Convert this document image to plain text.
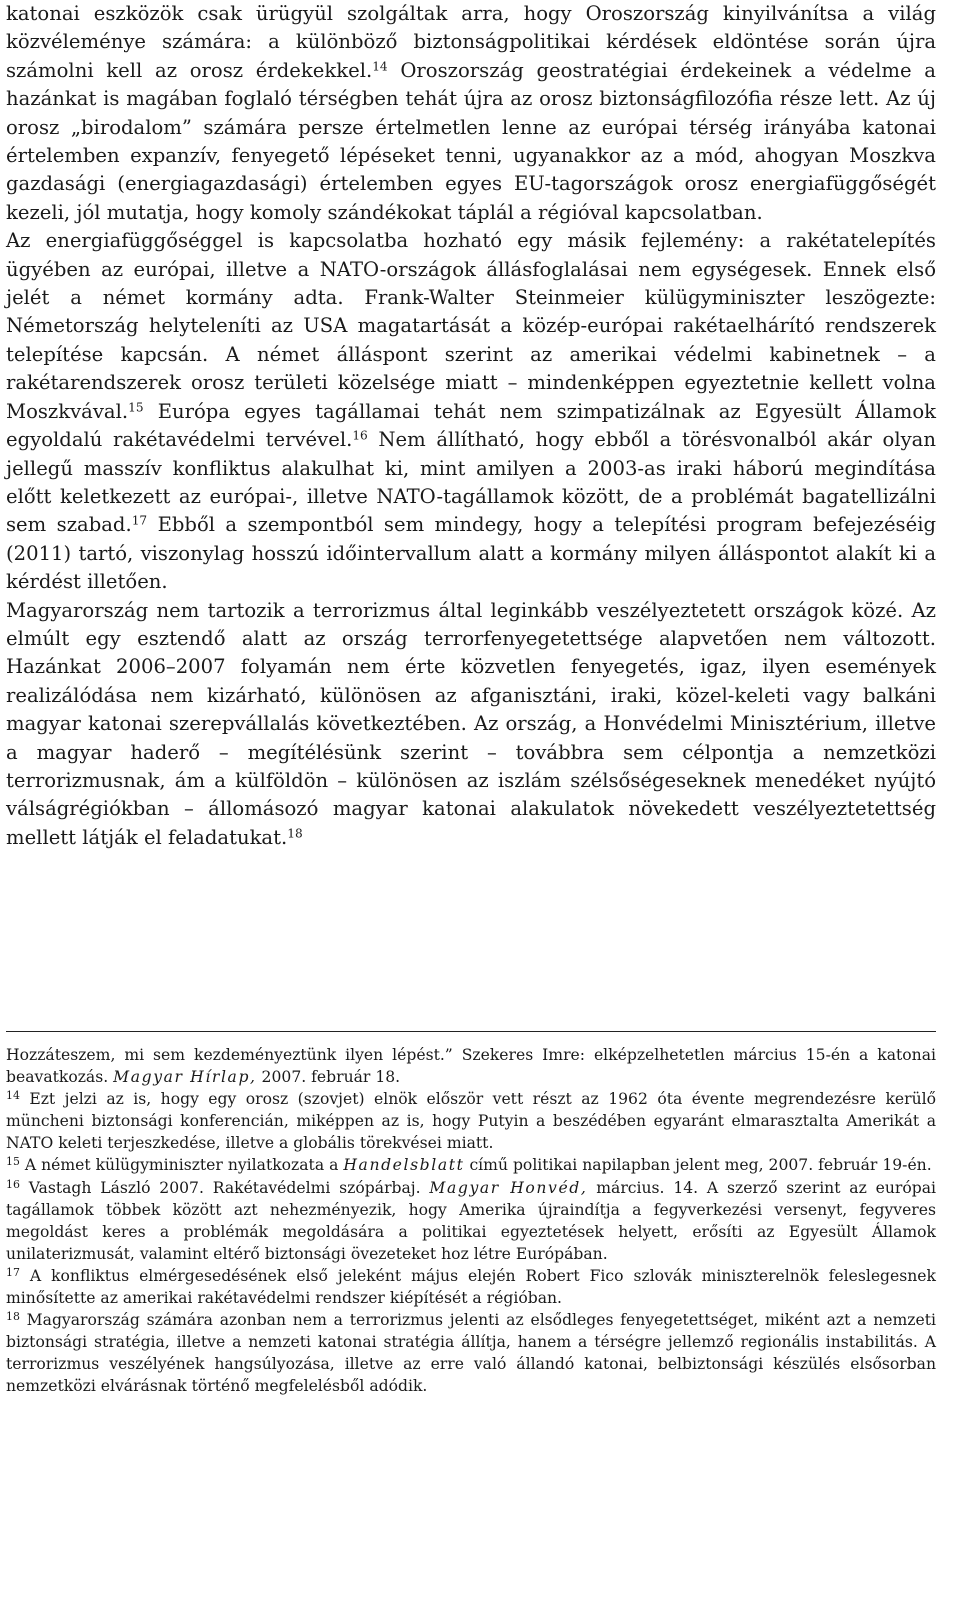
katonai eszközök csak ürügyül szolgáltak arra, hogy Oroszország kinyilvánítsa a világ közvéleménye számára: a különböző biztonságpolitikai kérdések eldöntése során újra számolni kell az orosz érdekekkel.$^{14}$ Oroszország geostratégiai érdekeinek a védelme a hazánkat is magában foglaló térségben tehát újra az orosz biztonságfilozófia része lett. Az új orosz „birodalom” számára persze értelmetlen lenne az európai térség irányába katonai értelemben expanzív, fenyegető lépéseket tenni, ugyanakkor az a mód, ahogyan Moszkva gazdasági (energiagazdasági) értelemben egyes EU-tagországok orosz energiafüggőségét kezeli, jól mutatja, hogy komoly szándékokat táplál a régióval kapcsolatban.

Az energiafüggőséggel is kapcsolatba hozható egy másik fejlemény: a rakétatelepítés ügyében az európai, illetve a NATO-országok állásfoglalásai nem egységesek. Ennek első jelét a német kormány adta. Frank-Walter Steinmeier külügyminiszter leszögezte: Németország helyteleníti az USA magatartását a közép-európai rakétaelhárító rendszerek telepítése kapcsán. A német álláspont szerint az amerikai védelmi kabinetnek – a rakétarendszerek orosz területi közelsége miatt – mindenképpen egyeztetnie kellett volna Moszkvával.$^{15}$ Európa egyes tagállamai tehát nem szimpatizálnak az Egyesült Államok egyoldalú rakétavédelmi tervével.$^{16}$ Nem állítható, hogy ebből a törésvonalból akár olyan jellegű masszív konfliktus alakulhat ki, mint amilyen a 2003-as iraki háború megindítása előtt keletkezett az európai-, illetve NATO-tagállamok között, de a problémát bagatellizálni sem szabad.$^{17}$ Ebből a szempontból sem mindegy, hogy a telepítési program befejezéséig (2011) tartó, viszonylag hosszú időintervallum alatt a kormány milyen álláspontot alakít ki a kérdést illetően.

Magyarország nem tartozik a terrorizmus által leginkább veszélyeztetett országok közé. Az elmúlt egy esztendő alatt az ország terrorfenyegetettsége alapvetően nem változott. Hazánkat 2006–2007 folyamán nem érte közvetlen fenyegetés, igaz, ilyen események realizálódása nem kizárható, különösen az afganisztáni, iraki, közel-keleti vagy balkáni magyar katonai szerepvállalás következtében. Az ország, a Honvédelmi Minisztérium, illetve a magyar haderő – megítélésünk szerint – továbbra sem célpontja a nemzetközi terrorizmusnak, ám a külföldön – különösen az iszlám szélsőségeseknek menedéket nyújtó válságrégiókban – állomásozó magyar katonai alakulatok növekedett veszélyeztetettség mellett látják el feladatukat.$^{18}$

Hozzáteszem, mi sem kezdeményeztünk ilyen lépést.” Szekeres Imre: elképzelhetetlen március 15-én a katonai beavatkozás. Magyar Hírlap, 2007. február 18.

$^{14}$ Ezt jelzi az is, hogy egy orosz (szovjet) elnök először vett részt az 1962 óta évente megrendezésre kerülő müncheni biztonsági konferencián, miképpen az is, hogy Putyin a beszédében egyaránt elmarasztalta Amerikát a NATO keleti terjeszkedése, illetve a globális törekvései miatt.

$^{15}$ A német külügyminiszter nyilatkozata a Handelsblatt című politikai napilapban jelent meg, 2007. február 19-én.

$^{16}$ Vastagh László 2007. Rakétavédelmi szópárbaj. Magyar Honvéd, március. 14. A szerző szerint az európai tagállamok többek között azt nehezményezik, hogy Amerika újraindítja a fegyverkezési versenyt, fegyveres megoldást keres a problémák megoldására a politikai egyeztetések helyett, erősíti az Egyesült Államok unilaterizmusát, valamint eltérő biztonsági övezeteket hoz létre Európában.

$^{17}$ A konfliktus elmérgesedésének első jeleként május elején Robert Fico szlovák miniszterelnök feleslegesnek minősítette az amerikai rakétavédelmi rendszer kiépítését a régióban.

$^{18}$ Magyarország számára azonban nem a terrorizmus jelenti az elsődleges fenyegetettséget, miként azt a nemzeti biztonsági stratégia, illetve a nemzeti katonai stratégia állítja, hanem a térségre jellemző regionális instabilitás. A terrorizmus veszélyének hangsúlyozása, illetve az erre való állandó katonai, belbiztonsági készülés elsősorban nemzetközi elvárásnak történő megfelelésből adódik.
